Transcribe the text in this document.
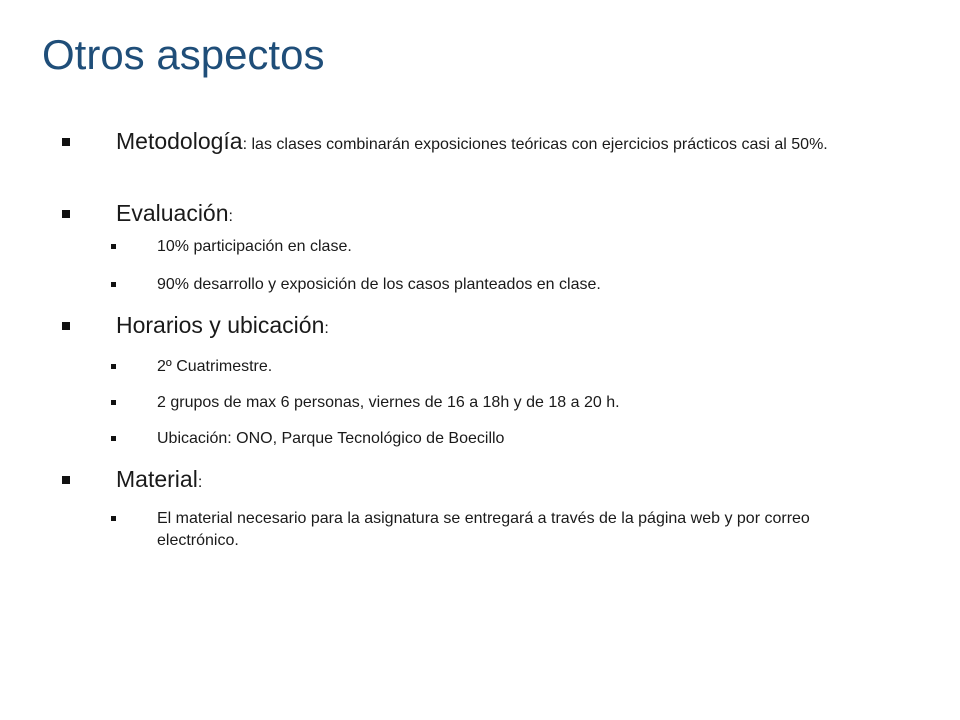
Otros aspectos
Metodología: las clases combinarán exposiciones teóricas con ejercicios prácticos casi al 50%.
Evaluación:
10% participación en clase.
90% desarrollo y exposición de los casos planteados en clase.
Horarios y ubicación:
2º Cuatrimestre.
2 grupos de max 6 personas, viernes de 16 a 18h y de 18 a 20 h.
Ubicación: ONO, Parque Tecnológico de Boecillo
Material:
El material necesario para la asignatura se entregará a través de la página web y por correo electrónico.
